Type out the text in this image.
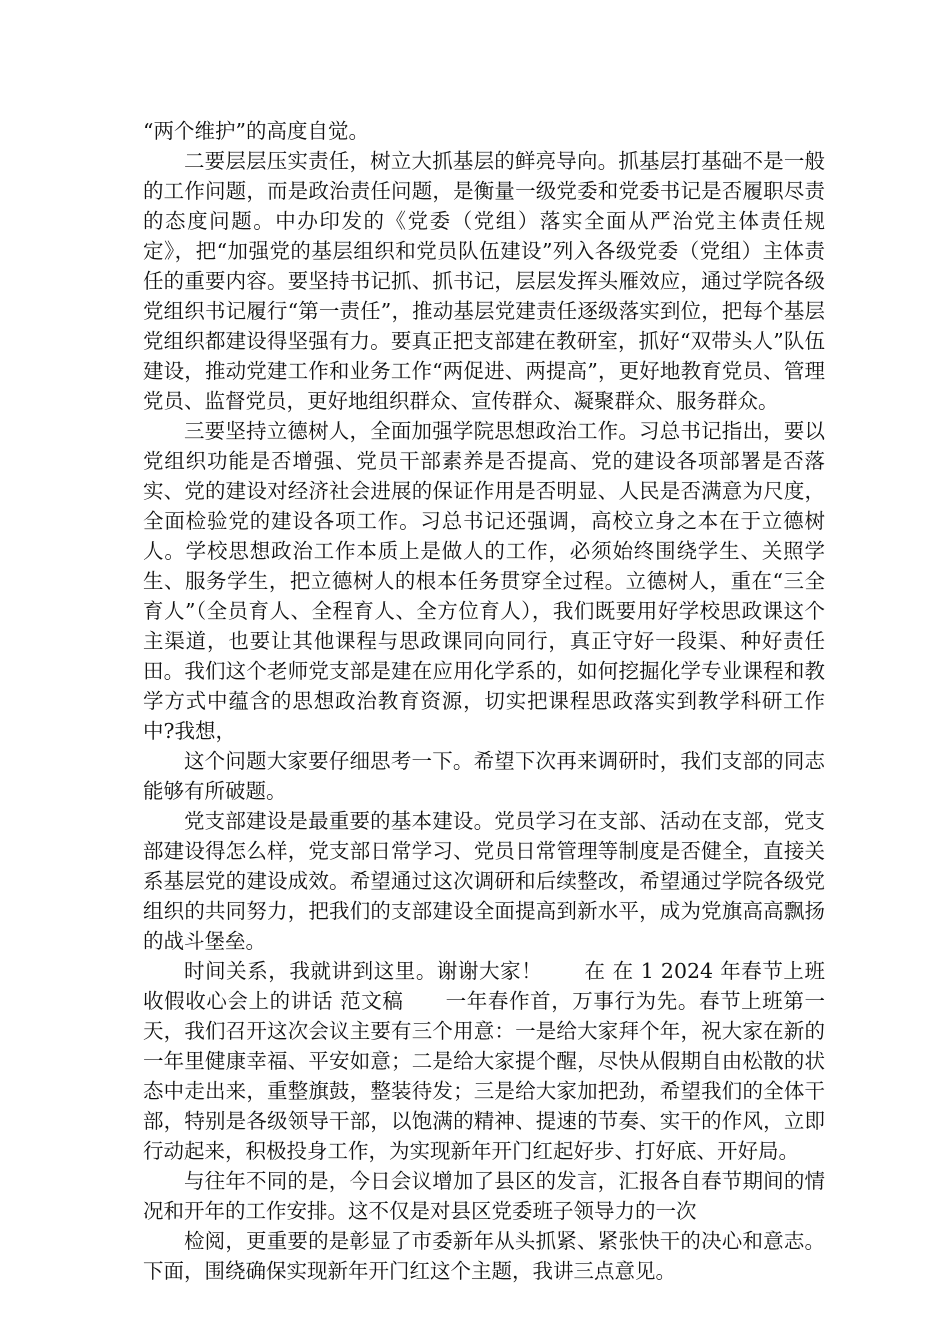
“两个维护”的高度自觉。

二要层层压实责任，树立大抓基层的鲜亮导向。抓基层打基础不是一般的工作问题，而是政治责任问题，是衡量一级党委和党委书记是否履职尽责的态度问题。中办印发的《党委（党组）落实全面从严治党主体责任规定》，把“加强党的基层组织和党员队伍建设”列入各级党委（党组）主体责任的重要内容。要坚持书记抓、抓书记，层层发挥头雁效应，通过学院各级党组织书记履行“第一责任”，推动基层党建责任逐级落实到位，把每个基层党组织都建设得坚强有力。要真正把支部建在教研室，抓好“双带头人”队伍建设，推动党建工作和业务工作“两促进、两提高”，更好地教育党员、管理党员、监督党员，更好地组织群众、宣传群众、凝聚群众、服务群众。

三要坚持立德树人，全面加强学院思想政治工作。习总书记指出，要以党组织功能是否增强、党员干部素养是否提高、党的建设各项部署是否落实、党的建设对经济社会进展的保证作用是否明显、人民是否满意为尺度，全面检验党的建设各项工作。习总书记还强调，高校立身之本在于立德树人。学校思想政治工作本质上是做人的工作，必须始终围绕学生、关照学生、服务学生，把立德树人的根本任务贯穿全过程。立德树人，重在“三全育人”（全员育人、全程育人、全方位育人），我们既要用好学校思政课这个主渠道，也要让其他课程与思政课同向同行，真正守好一段渠、种好责任田。我们这个老师党支部是建在应用化学系的，如何挖掘化学专业课程和教学方式中蕴含的思想政治教育资源，切实把课程思政落实到教学科研工作中?我想，

这个问题大家要仔细思考一下。希望下次再来调研时，我们支部的同志能够有所破题。

党支部建设是最重要的基本建设。党员学习在支部、活动在支部，党支部建设得怎么样，党支部日常学习、党员日常管理等制度是否健全，直接关系基层党的建设成效。希望通过这次调研和后续整改，希望通过学院各级党组织的共同努力，把我们的支部建设全面提高到新水平，成为党旗高高飘扬的战斗堡垒。

时间关系，我就讲到这里。谢谢大家！　　在 在 1 2024 年春节上班收假收心会上的讲话 范文稿　　一年春作首，万事行为先。春节上班第一天，我们召开这次会议主要有三个用意：一是给大家拜个年，祝大家在新的一年里健康幸福、平安如意；二是给大家提个醒，尽快从假期自由松散的状态中走出来，重整旗鼓，整装待发；三是给大家加把劲，希望我们的全体干部，特别是各级领导干部，以饱满的精神、提速的节奏、实干的作风，立即行动起来，积极投身工作，为实现新年开门红起好步、打好底、开好局。

与往年不同的是，今日会议增加了县区的发言，汇报各自春节期间的情况和开年的工作安排。这不仅是对县区党委班子领导力的一次

检阅，更重要的是彰显了市委新年从头抓紧、紧张快干的决心和意志。下面，围绕确保实现新年开门红这个主题，我讲三点意见。
